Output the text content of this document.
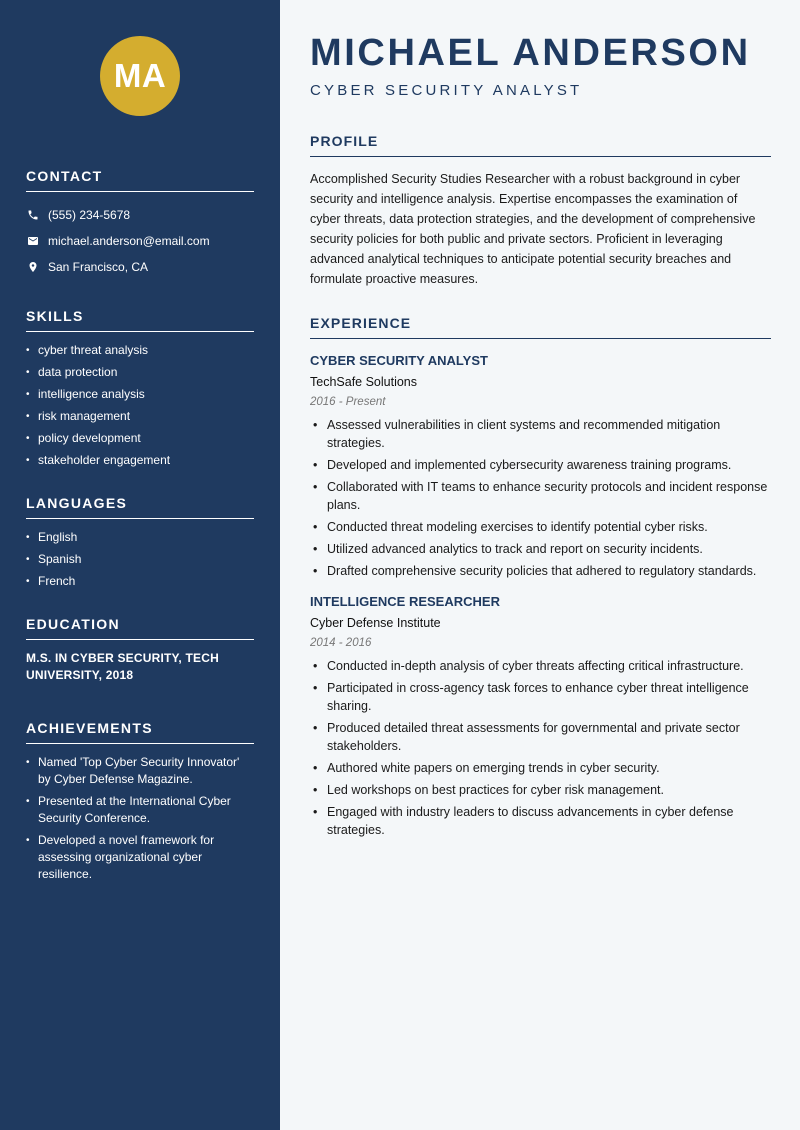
MA
CONTACT
(555) 234-5678
michael.anderson@email.com
San Francisco, CA
SKILLS
• cyber threat analysis
• data protection
• intelligence analysis
• risk management
• policy development
• stakeholder engagement
LANGUAGES
• English
• Spanish
• French
EDUCATION

M.S. IN CYBER SECURITY, TECH UNIVERSITY, 2018

ACHIEVEMENTS
• Named 'Top Cyber Security Innovator' by Cyber Defense Magazine.
• Presented at the International Cyber Security Conference.
• Developed a novel framework for assessing organizational cyber resilience.
MICHAEL ANDERSON
CYBER SECURITY ANALYST
PROFILE

Accomplished Security Studies Researcher with a robust background in cyber security and intelligence analysis. Expertise encompasses the examination of cyber threats, data protection strategies, and the development of comprehensive security policies for both public and private sectors. Proficient in leveraging advanced analytical techniques to anticipate potential security breaches and formulate proactive measures.

EXPERIENCE
CYBER SECURITY ANALYST
TechSafe Solutions
2016 - Present
• Assessed vulnerabilities in client systems and recommended mitigation strategies.
• Developed and implemented cybersecurity awareness training programs.
• Collaborated with IT teams to enhance security protocols and incident response plans.
• Conducted threat modeling exercises to identify potential cyber risks.
• Utilized advanced analytics to track and report on security incidents.
• Drafted comprehensive security policies that adhered to regulatory standards.
INTELLIGENCE RESEARCHER
Cyber Defense Institute
2014 - 2016
• Conducted in-depth analysis of cyber threats affecting critical infrastructure.
• Participated in cross-agency task forces to enhance cyber threat intelligence sharing.
• Produced detailed threat assessments for governmental and private sector stakeholders.
• Authored white papers on emerging trends in cyber security.
• Led workshops on best practices for cyber risk management.
• Engaged with industry leaders to discuss advancements in cyber defense strategies.
